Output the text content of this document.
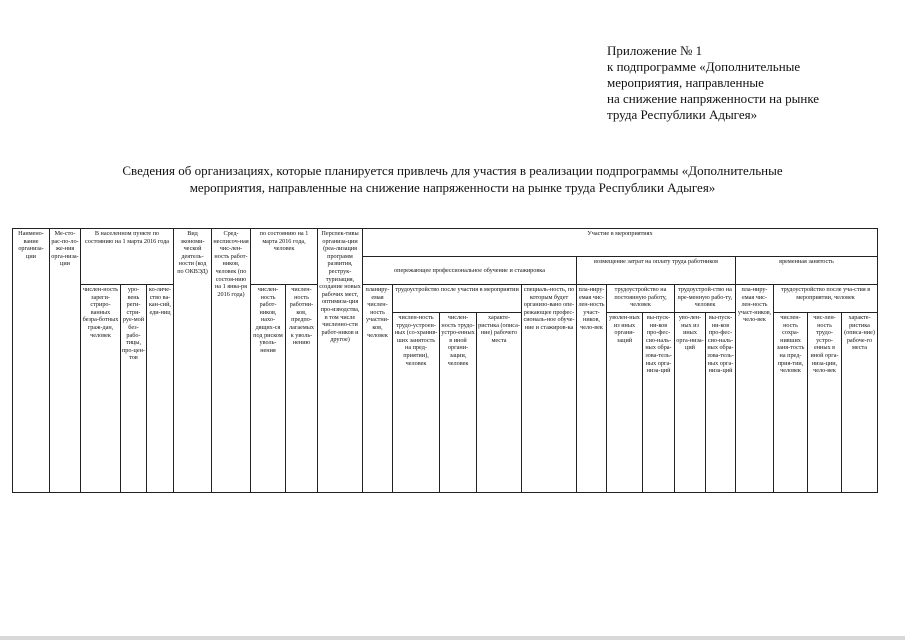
Приложение № 1
к подпрограмме «Дополнительные
мероприятия, направленные
на снижение напряженности на рынке
труда Республики Адыгея»
Сведения об организациях, которые планируется привлечь для участия в реализации подпрограммы «Дополнительные
мероприятия, направленные на снижение напряженности на рынке труда Республики Адыгея»
Наимено-вание организа-ции	Ме-сто-рас-по-ло-же-ния орга-низа-ции	В населенном пункте по состоянию на 1 марта 2016 года			Вид экономи-ческой деятель-ности (код по ОКВЭД)	Сред-несписоч-ная чис-лен-ность работ-ников, человек (по состоя-нию на 1 янва-ря 2016 года)	по состоянию на 1 марта 2016 года, человек		Перспек-тивы организа-ции (реа-лизация программ развития, реструк-туризация, создание новых рабочих мест, оптимиза-ция про-изводства, в том числе численно-сти работ-ников и другое)	Участие в мероприятиях													
										опережающее профессиональное обучение и стажировка					возмещение затрат на оплату труда работников					временная занятость			
		числен-ность зареги-стриро-ванных безра-ботных граж-дан, человек	уро-вень реги-стри-руе-мой без-рабо-тицы, про-цен-тов	ко-личе-ство ва-кан-сий, еди-ниц			числен-ность работ-ников, нахо-дящих-ся под риском уволь-нения	числен-ность работни-ков, предпо-лагаемых к уволь-нению		планиру-емая числен-ность участни-ков, человек	трудоустройство после участия в мероприятии			специаль-ность, по которым будет организо-вано опе-режающее профес-сиональ-ное обуче-ние и стажиров-ка	пла-ниру-емая чис-лен-ность участ-ников, чело-век	трудоустройство на постоянную работу, человек		трудоустрой-ство на вре-менную рабо-ту, человек		пла-ниру-емая чис-лен-ность участ-ников, чело-век	трудоустройство после уча-стия в мероприятии, человек		
											числен-ность трудо-устроен-ных (со-хранив-ших занятость на пред-приятии), человек	числен-ность трудо-устро-енных в иной органи-зации, человек	характе-ристика (описа-ние) рабочего места			уволен-ных из иных органи-заций	вы-пуск-ни-ков про-фес-сио-наль-ных обра-зова-тель-ных орга-низа-ций	уво-лен-ных из иных орга-низа-ций	вы-пуск-ни-ков про-фес-сио-наль-ных обра-зова-тель-ных орга-низа-ций		числен-ность сохра-нивших заня-тость на пред-прия-тии, человек	чис-лен-ность трудо-устро-енных в иной орга-низа-ции, чело-век	характе-ристика (описа-ние) рабоче-го места
